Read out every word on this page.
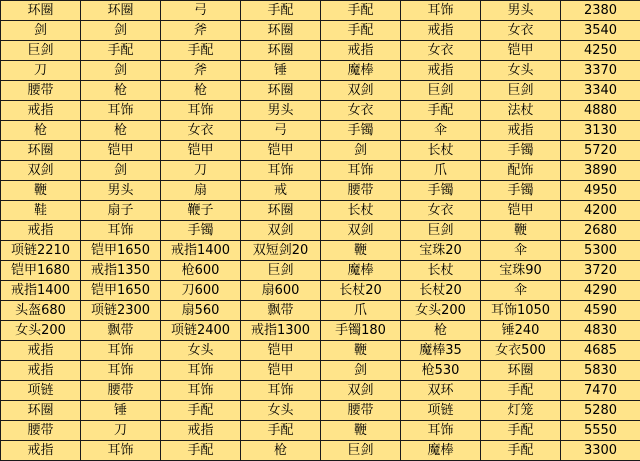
环圈	环圈	弓	手配	手配	耳饰	男头	2380
剑	剑	斧	环圈	手配	戒指	女衣	3540
巨剑	手配	手配	环圈	戒指	女衣	铠甲	4250
刀	剑	斧	锤	魔棒	戒指	女头	3370
腰带	枪	枪	环圈	双剑	巨剑	巨剑	3340
戒指	耳饰	耳饰	男头	女衣	手配	法杖	4880
枪	枪	女衣	弓	手镯	伞	戒指	3130
环圈	铠甲	铠甲	铠甲	剑	长杖	手镯	5720
双剑	剑	刀	耳饰	耳饰	爪	配饰	3890
鞭	男头	扇	戒	腰带	手镯	手镯	4950
鞋	扇子	鞭子	环圈	长杖	女衣	铠甲	4200
戒指	耳饰	手镯	双剑	双剑	巨剑	鞭	2680
项链2210	铠甲1650	戒指1400	双短剑20	鞭	宝珠20	伞	5300
铠甲1680	戒指1350	枪600	巨剑	魔棒	长杖	宝珠90	3720
戒指1400	铠甲1650	刀600	扇600	长杖20	长杖20	伞	4290
头盔680	项链2300	扇560	飘带	爪	女头200	耳饰1050	4590
女头200	飘带	项链2400	戒指1300	手镯180	枪	锤240	4830
戒指	耳饰	女头	铠甲	鞭	魔棒35	女衣500	4685
戒指	耳饰	耳饰	铠甲	剑	枪530	环圈	5830
项链	腰带	耳饰	耳饰	双剑	双环	手配	7470
环圈	锤	手配	女头	腰带	项链	灯笼	5280
腰带	刀	戒指	手配	鞭	耳饰	手配	5550
戒指	耳饰	手配	枪	巨剑	魔棒	手配	3300
